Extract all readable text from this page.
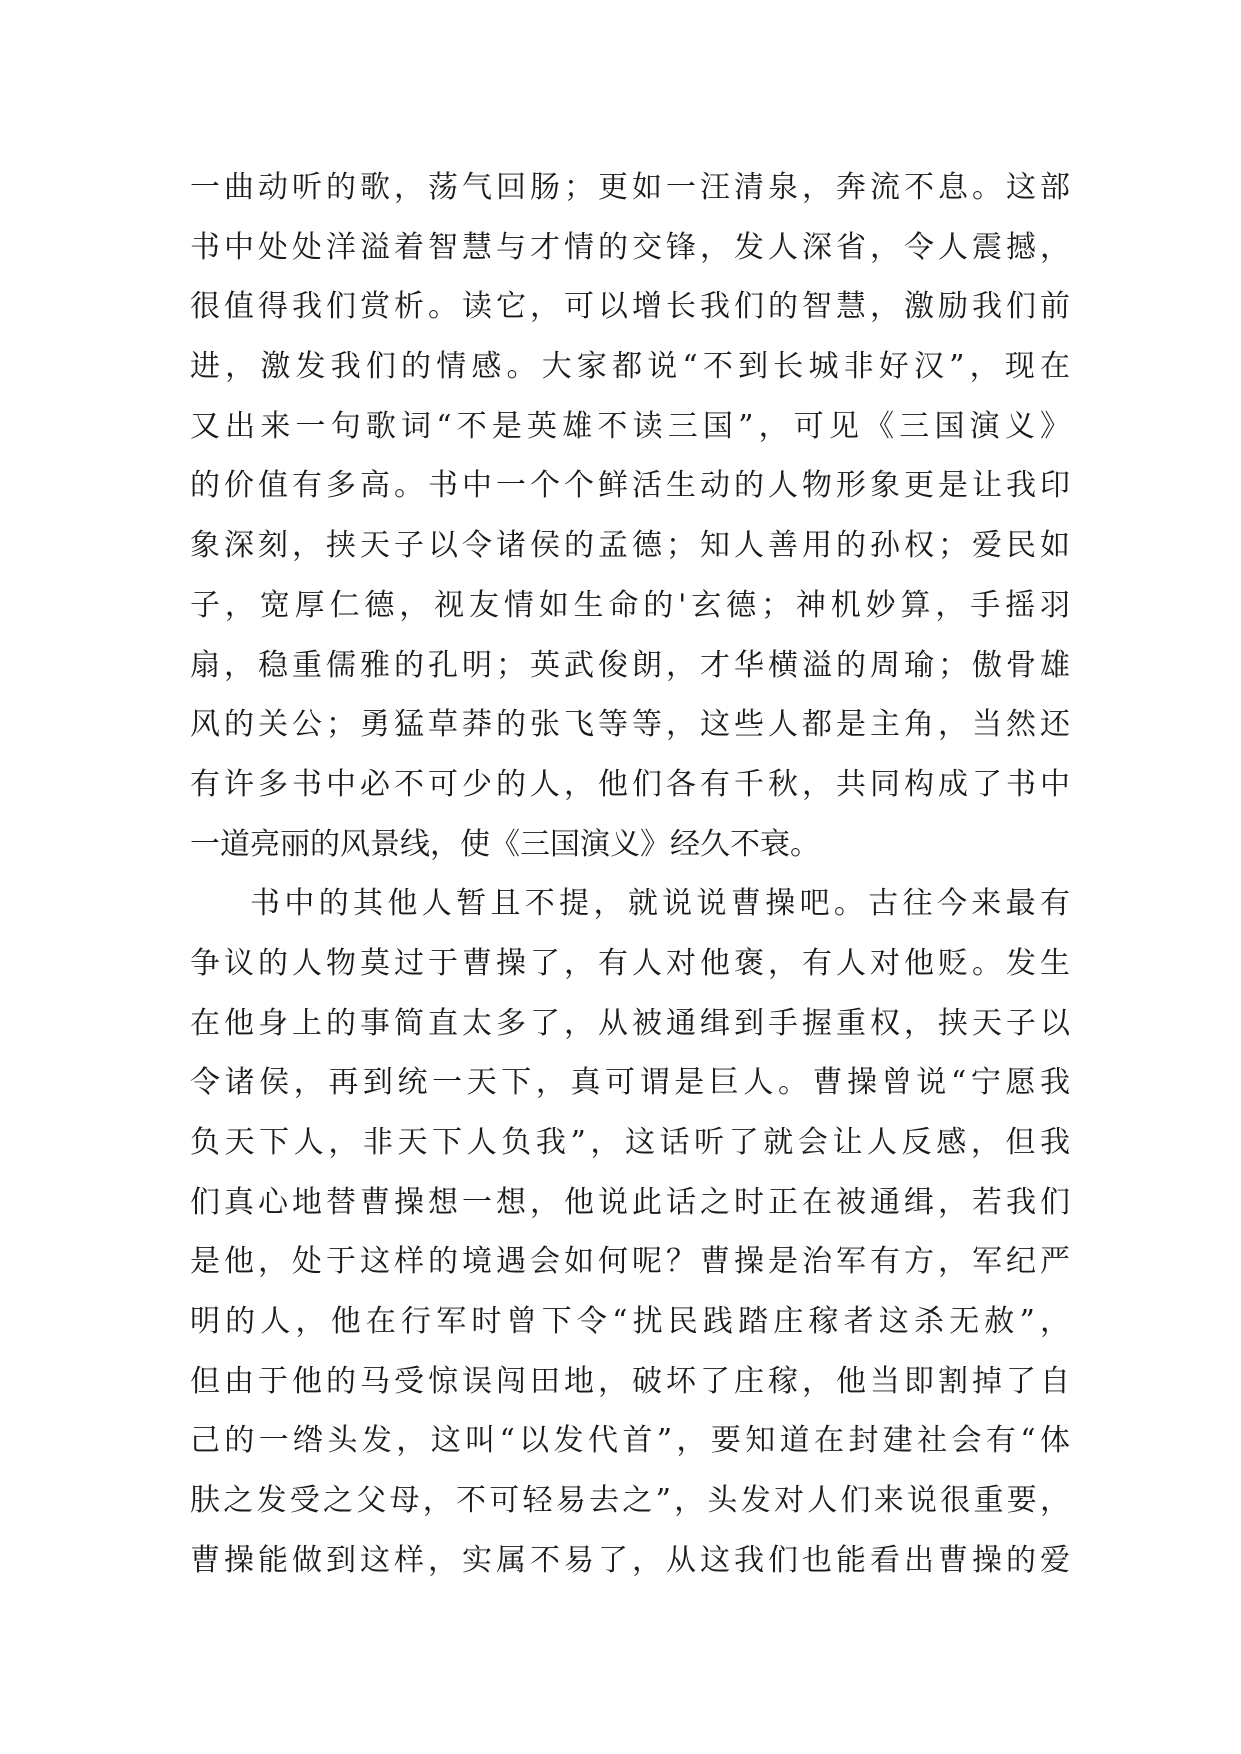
一曲动听的歌，荡气回肠；更如一汪清泉，奔流不息。这部
书中处处洋溢着智慧与才情的交锋，发人深省，令人震撼，
很值得我们赏析。读它，可以增长我们的智慧，激励我们前
进，激发我们的情感。大家都说“不到长城非好汉”，现在
又出来一句歌词“不是英雄不读三国”，可见《三国演义》
的价值有多高。书中一个个鲜活生动的人物形象更是让我印
象深刻，挟天子以令诸侯的孟德；知人善用的孙权；爱民如
子，宽厚仁德，视友情如生命的'玄德；神机妙算，手摇羽
扇，稳重儒雅的孔明；英武俊朗，才华横溢的周瑜；傲骨雄
风的关公；勇猛草莽的张飞等等，这些人都是主角，当然还
有许多书中必不可少的人，他们各有千秋，共同构成了书中
一道亮丽的风景线，使《三国演义》经久不衰。
书中的其他人暂且不提，就说说曹操吧。古往今来最有
争议的人物莫过于曹操了，有人对他褒，有人对他贬。发生
在他身上的事简直太多了，从被通缉到手握重权，挟天子以
令诸侯，再到统一天下，真可谓是巨人。曹操曾说“宁愿我
负天下人，非天下人负我”，这话听了就会让人反感，但我
们真心地替曹操想一想，他说此话之时正在被通缉，若我们
是他，处于这样的境遇会如何呢？曹操是治军有方，军纪严
明的人，他在行军时曾下令“扰民践踏庄稼者这杀无赦”，
但由于他的马受惊误闯田地，破坏了庄稼，他当即割掉了自
己的一绺头发，这叫“以发代首”，要知道在封建社会有“体
肤之发受之父母，不可轻易去之”，头发对人们来说很重要，
曹操能做到这样，实属不易了，从这我们也能看出曹操的爱
